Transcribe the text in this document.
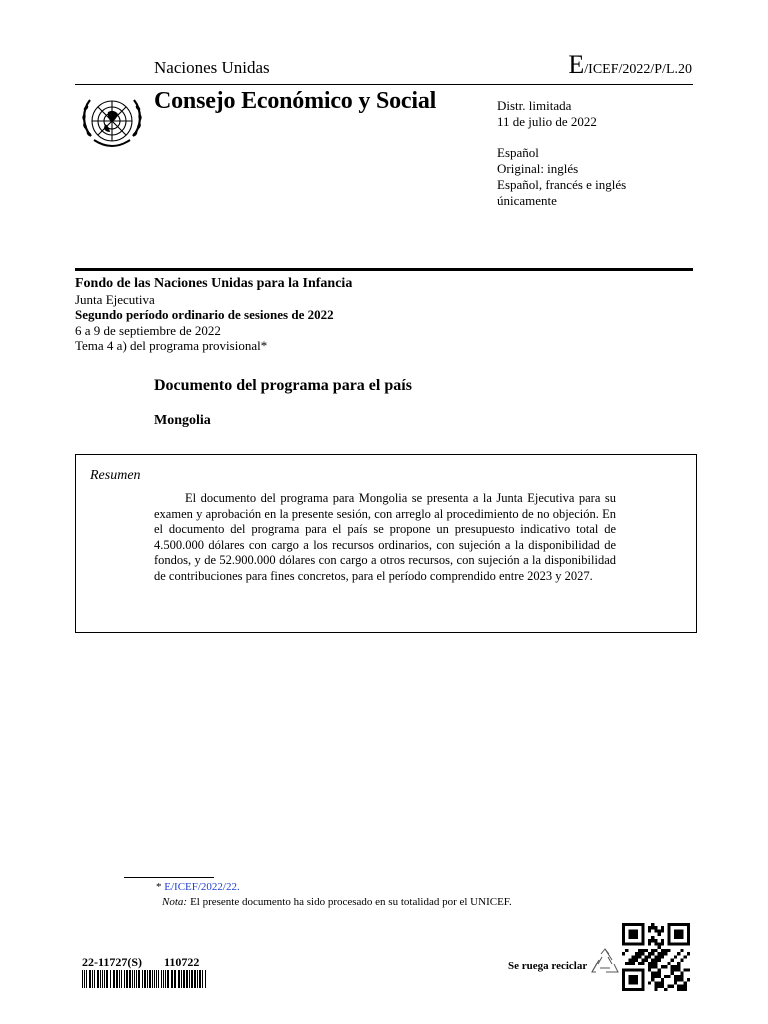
Naciones Unidas	E/ICEF/2022/P/L.20
Consejo Económico y Social	Distr. limitada
11 de julio de 2022
Español
Original: inglés
Español, francés e inglés
únicamente
Fondo de las Naciones Unidas para la Infancia
Junta Ejecutiva
Segundo período ordinario de sesiones de 2022
6 a 9 de septiembre de 2022
Tema 4 a) del programa provisional*
Documento del programa para el país
Mongolia
Resumen
El documento del programa para Mongolia se presenta a la Junta Ejecutiva para su examen y aprobación en la presente sesión, con arreglo al procedimiento de no objeción. En el documento del programa para el país se propone un presupuesto indicativo total de 4.500.000 dólares con cargo a los recursos ordinarios, con sujeción a la disponibilidad de fondos, y de 52.900.000 dólares con cargo a otros recursos, con sujeción a la disponibilidad de contribuciones para fines concretos, para el período comprendido entre 2023 y 2027.
* E/ICEF/2022/22.
Nota: El presente documento ha sido procesado en su totalidad por el UNICEF.
22-11727(S) 110722	Se ruega reciclar
